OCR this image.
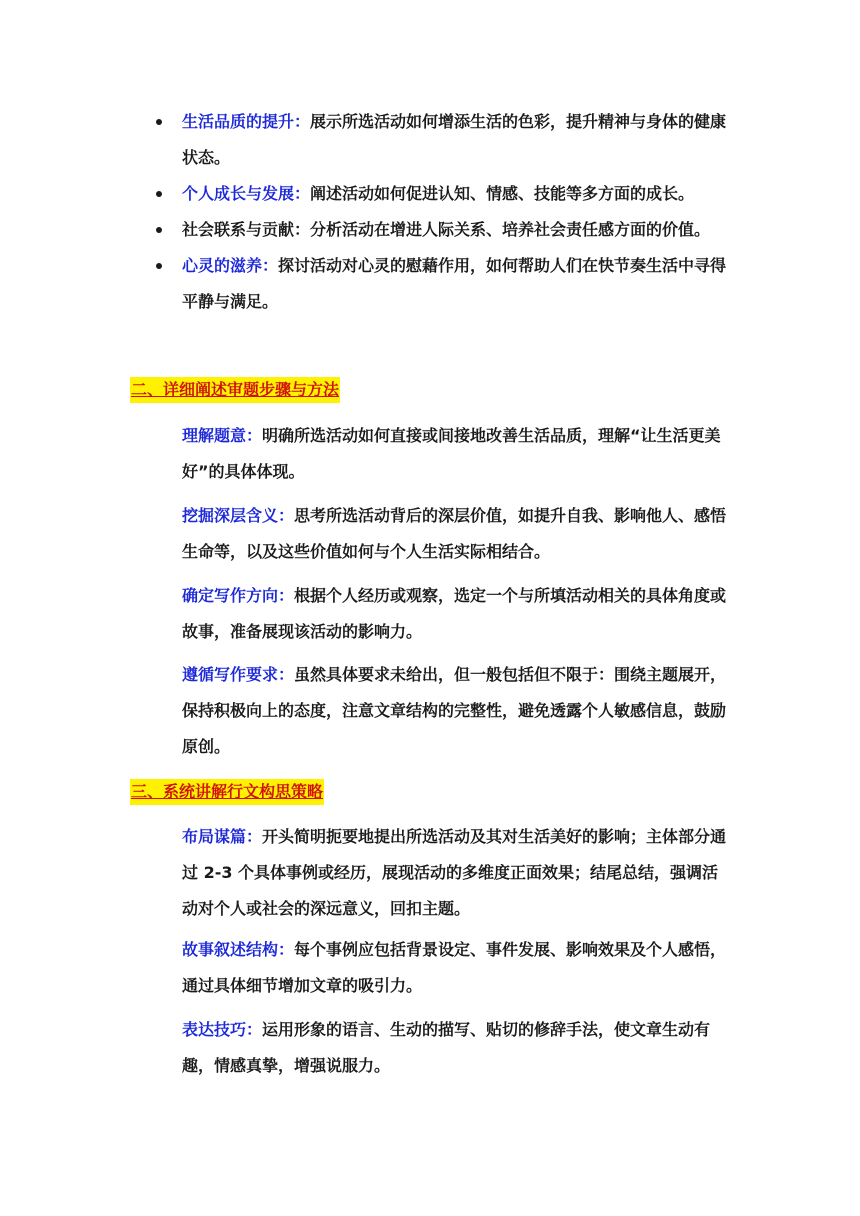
生活品质的提升：展示所选活动如何增添生活的色彩，提升精神与身体的健康状态。
个人成长与发展：阐述活动如何促进认知、情感、技能等多方面的成长。
社会联系与贡献：分析活动在增进人际关系、培养社会责任感方面的价值。
心灵的滋养：探讨活动对心灵的慰藉作用，如何帮助人们在快节奏生活中寻得平静与满足。
二、详细阐述审题步骤与方法
理解题意：明确所选活动如何直接或间接地改善生活品质，理解“让生活更美好”的具体体现。
挖掘深层含义：思考所选活动背后的深层价值，如提升自我、影响他人、感悟生命等，以及这些价值如何与个人生活实际相结合。
确定写作方向：根据个人经历或观察，选定一个与所填活动相关的具体角度或故事，准备展现该活动的影响力。
遵循写作要求：虽然具体要求未给出，但一般包括但不限于：围绕主题展开，保持积极向上的态度，注意文章结构的完整性，避免透露个人敏感信息，鼓励原创。
三、系统讲解行文构思策略
布局谋篇：开头简明扼要地提出所选活动及其对生活美好的影响；主体部分通过 2-3 个具体事例或经历，展现活动的多维度正面效果；结尾总结，强调活动对个人或社会的深远意义，回扣主题。
故事叙述结构：每个事例应包括背景设定、事件发展、影响效果及个人感悟，通过具体细节增加文章的吸引力。
表达技巧：运用形象的语言、生动的描写、贴切的修辞手法，使文章生动有趣，情感真挚，增强说服力。
